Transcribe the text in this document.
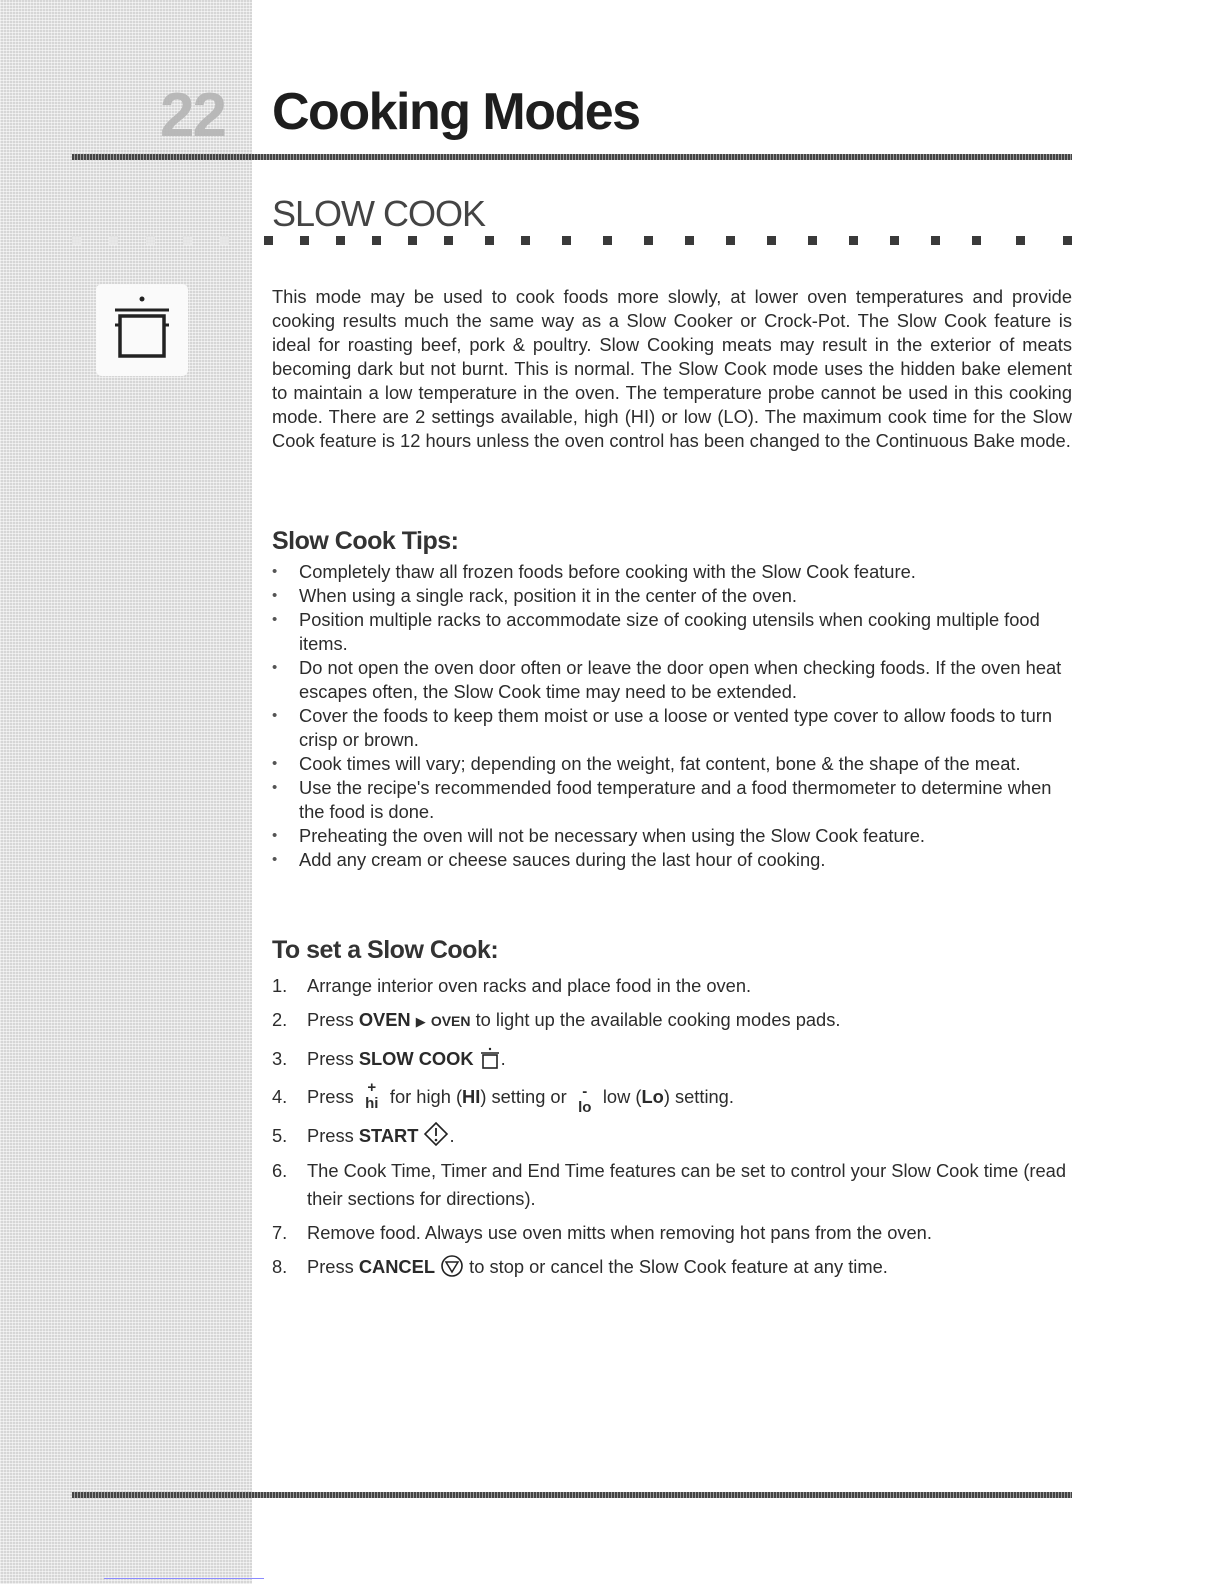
22 Cooking Modes
SLOW COOK

This mode may be used to cook foods more slowly, at lower oven temperatures and provide cooking results much the same way as a Slow Cooker or Crock-Pot. The Slow Cook feature is ideal for roasting beef, pork & poultry. Slow Cooking meats may result in the exterior of meats becoming dark but not burnt. This is normal. The Slow Cook mode uses the hidden bake element to maintain a low temperature in the oven. The temperature probe cannot be used in this cooking mode. There are 2 settings available, high (HI) or low (LO). The maximum cook time for the Slow Cook feature is 12 hours unless the oven control has been changed to the Continuous Bake mode.

Slow Cook Tips:
• Completely thaw all frozen foods before cooking with the Slow Cook feature.
• When using a single rack, position it in the center of the oven.
• Position multiple racks to accommodate size of cooking utensils when cooking multiple food items.
• Do not open the oven door often or leave the door open when checking foods. If the oven heat escapes often, the Slow Cook time may need to be extended.
• Cover the foods to keep them moist or use a loose or vented type cover to allow foods to turn crisp or brown.
• Cook times will vary; depending on the weight, fat content, bone & the shape of the meat.
• Use the recipe's recommended food temperature and a food thermometer to determine when the food is done.
• Preheating the oven will not be necessary when using the Slow Cook feature.
• Add any cream or cheese sauces during the last hour of cooking.
To set a Slow Cook:
1. Arrange interior oven racks and place food in the oven.
2. Press OVEN ▶ OVEN to light up the available cooking modes pads.
3. Press SLOW COOK .
4. Press +
hi for high (HI) setting or -
lo
low (Lo) setting.
5. Press START .
6. The Cook Time, Timer and End Time features can be set to control your Slow Cook time (read their sections for directions).
7. Remove food. Always use oven mitts when removing hot pans from the oven.
8. Press CANCEL  to stop or cancel the Slow Cook feature at any time.
